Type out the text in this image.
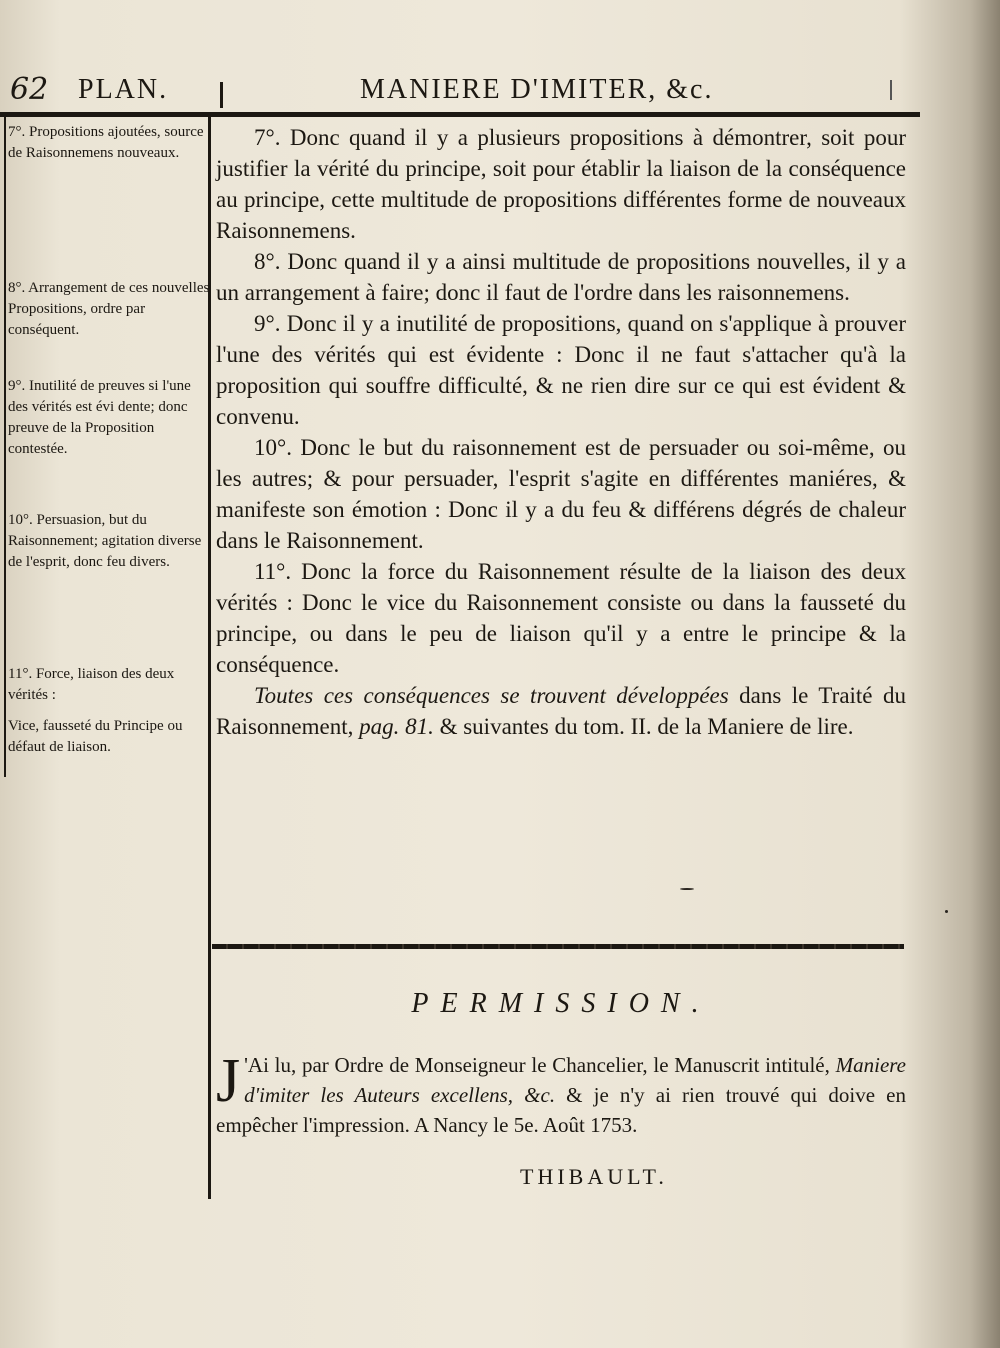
62 PLAN.	MANIERE D'IMITER, &c.
7°. Propositions ajoutées, source de Raisonnemens nouveaux.
8°. Arrangement de ces nouvelles Propositions, ordre par conséquent.
9°. Inutilité de preuves si l'une des vérités est évi dente; donc preuve de la Proposition contestée.
10°. Persuasion, but du Raisonnement; agitation diverse de l'esprit, donc feu divers.
11°. Force, liaison des deux vérités :
Vice, fausseté du Principe ou défaut de liaison.

7°. Donc quand il y a plusieurs propositions à démontrer, soit pour justifier la vérité du principe, soit pour établir la liaison de la conséquence au principe, cette multitude de propositions différentes forme de nouveaux Raisonnemens.

8°. Donc quand il y a ainsi multitude de propositions nouvelles, il y a un arrangement à faire; donc il faut de l'ordre dans les raisonnemens.

9°. Donc il y a inutilité de propositions, quand on s'applique à prouver l'une des vérités qui est évidente : Donc il ne faut s'attacher qu'à la proposition qui souffre difficulté, & ne rien dire sur ce qui est évident & convenu.

10°. Donc le but du raisonnement est de persuader ou soi-même, ou les autres; & pour persuader, l'esprit s'agite en différentes maniéres, & manifeste son émotion : Donc il y a du feu & différens dégrés de chaleur dans le Raisonnement.

11°. Donc la force du Raisonnement résulte de la liaison des deux vérités : Donc le vice du Raisonnement consiste ou dans la fausseté du principe, ou dans le peu de liaison qu'il y a entre le principe & la conséquence.

Toutes ces conséquences se trouvent développées dans le Traité du Raisonnement, pag. 81. & suivantes du tom. II. de la Maniere de lire.

PERMISSION.
J 'Ai lu, par Ordre de Monseigneur le Chancelier, le Manuscrit intitulé, Maniere d'imiter les Auteurs excellens, &c. & je n'y ai rien trouvé qui doive en empêcher l'impression. A Nancy le 5e. Août 1753.
THIBAULT.
